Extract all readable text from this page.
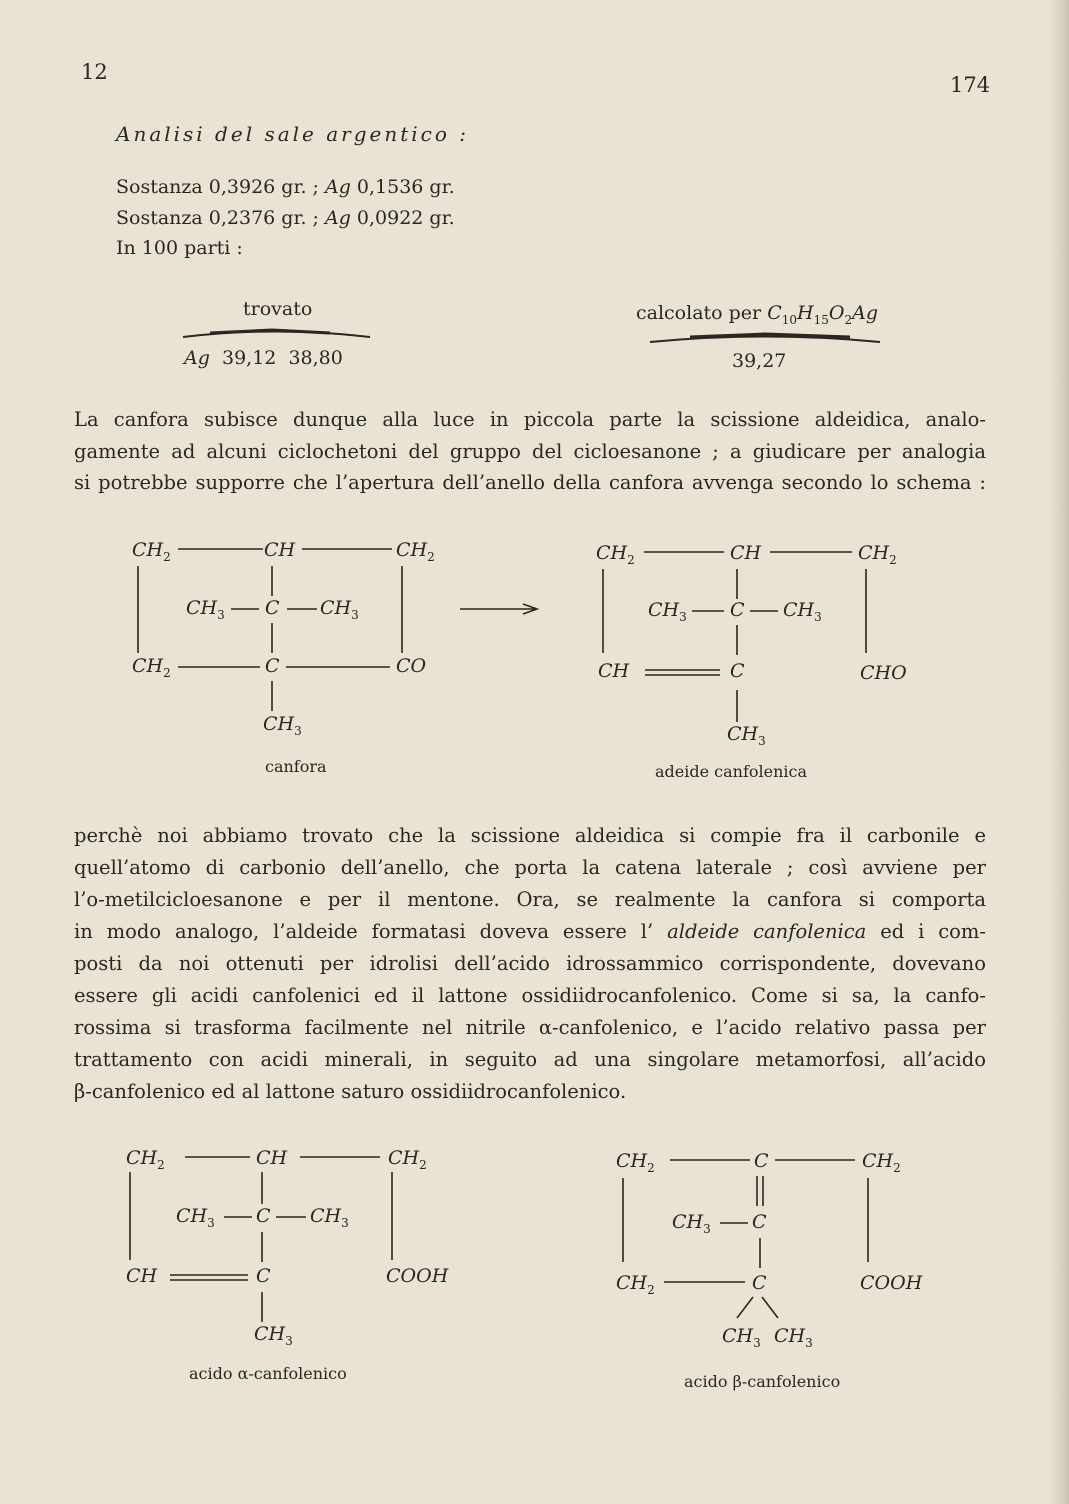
12
174
Analisi del sale argentico :
Sostanza 0,3926 gr. ; Ag 0,1536 gr.
Sostanza 0,2376 gr. ; Ag 0,0922 gr.
In 100 parti :
trovato	calcolato per $C_{10}H_{15}O_2Ag$
Ag 39,12  38,80	39,27
La canfora subisce dunque alla luce in piccola parte la scissione aldeidica, analo-
gamente ad alcuni ciclochetoni del gruppo del cicloesanone ; a giudicare per analogia
si potrebbe supporre che l’apertura dell’anello della canfora avvenga secondo lo schema :
$CH_2$	CH	$CH_2$
$CH_3$ C $CH_3$
$CH_2$	C	CO
$CH_3$
canfora
$CH_2$	CH	$CH_2$
$CH_3$ C $CH_3$
CH	C	CHO
$CH_3$
adeide canfolenica
perchè noi abbiamo trovato che la scissione aldeidica si compie fra il carbonile e
quell’atomo di carbonio dell’anello, che porta la catena laterale ; così avviene per
l’o-metilcicloesanone e per il mentone. Ora, se realmente la canfora si comporta
in modo analogo, l’aldeide formatasi doveva essere l’ aldeide canfolenica ed i com-
posti da noi ottenuti per idrolisi dell’acido idrossammico corrispondente, dovevano
essere gli acidi canfolenici ed il lattone ossidiidrocanfolenico. Come si sa, la canfo-
rossima si trasforma facilmente nel nitrile α-canfolenico, e l’acido relativo passa per
trattamento con acidi minerali, in seguito ad una singolare metamorfosi, all’acido
β-canfolenico ed al lattone saturo ossidiidrocanfolenico.
$CH_2$	CH	$CH_2$
$CH_3$ C $CH_3$
CH	C	COOH
$CH_3$
acido α-canfolenico
$CH_2$	C	$CH_2$
$CH_3$ C
$CH_2$	C	COOH
$CH_3$ $CH_3$
acido β-canfolenico
